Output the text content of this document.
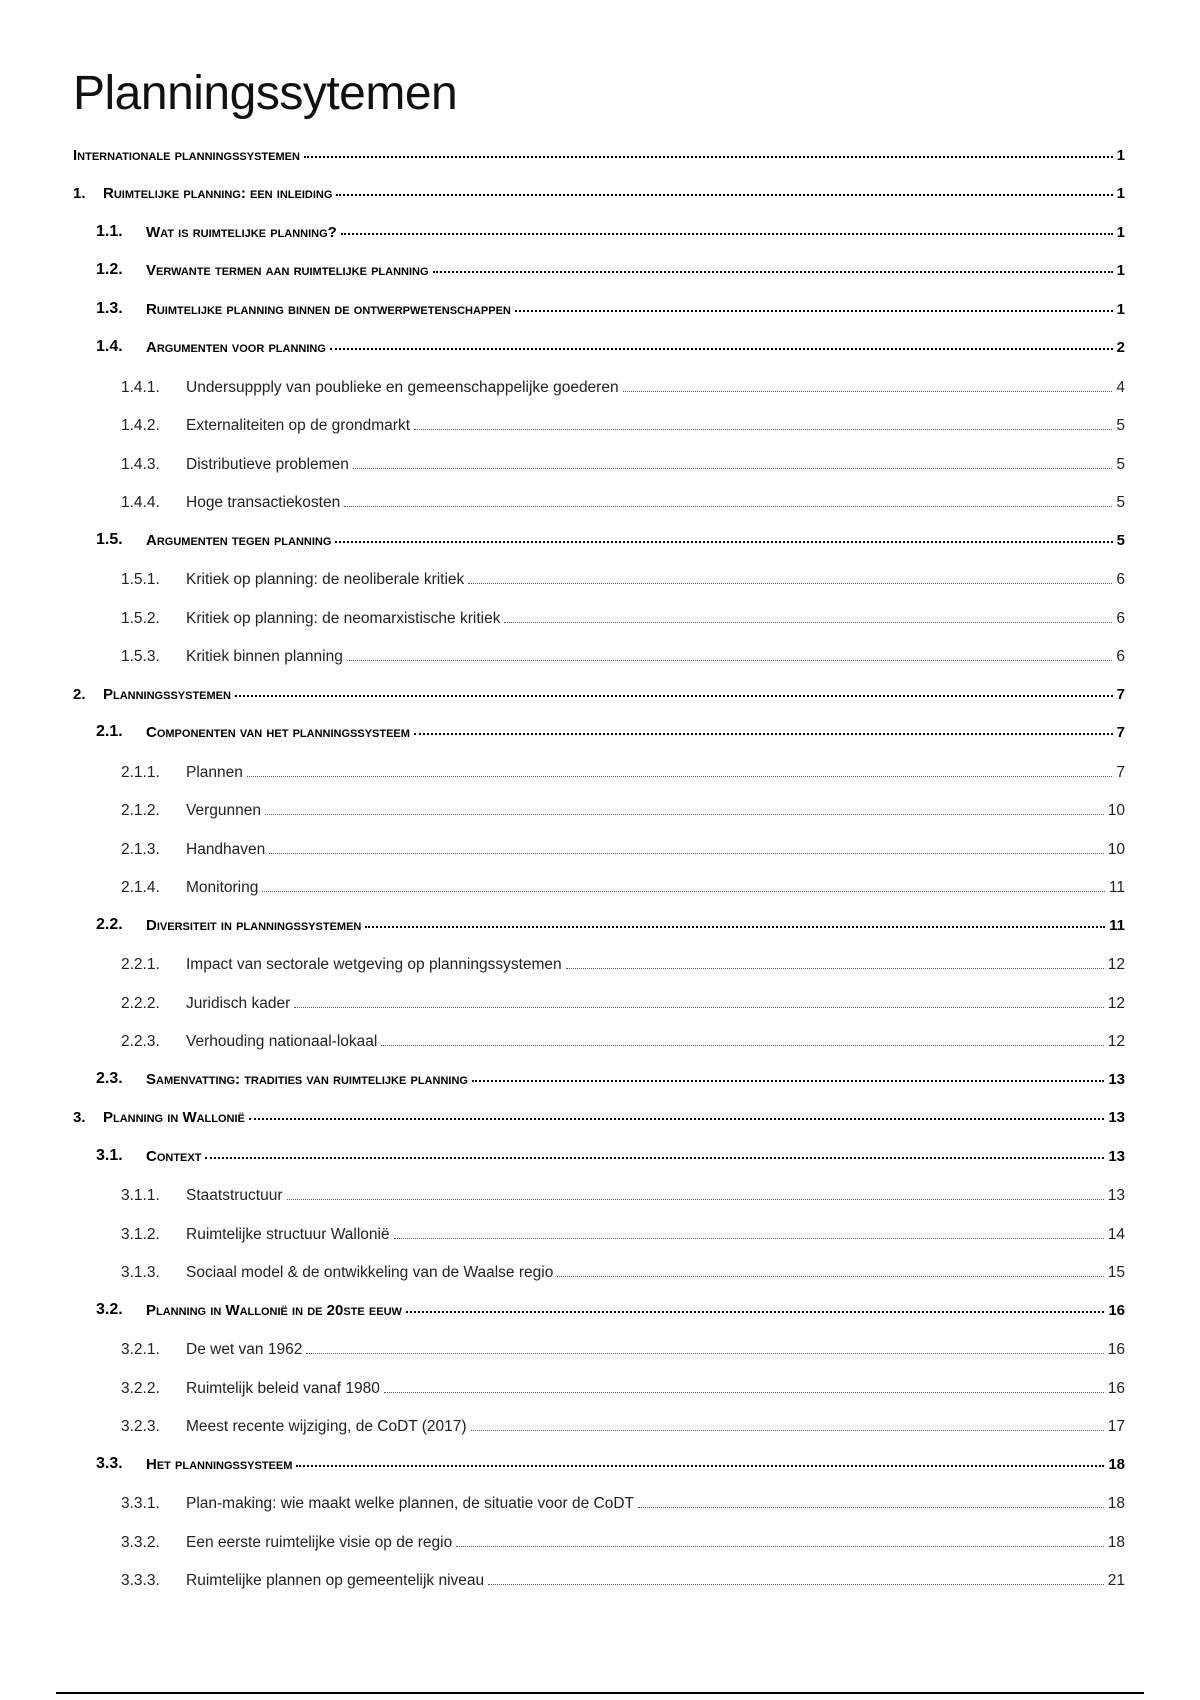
Planningssytemen
Internationale planningssystemen	1
1.	Ruimtelijke planning: een inleiding	1
1.1.	Wat is ruimtelijke planning?	1
1.2.	Verwante termen aan ruimtelijke planning	1
1.3.	Ruimtelijke planning binnen de ontwerpwetenschappen	1
1.4.	Argumenten voor planning	2
1.4.1.	Undersuppply van poublieke en gemeenschappelijke goederen	4
1.4.2.	Externaliteiten op de grondmarkt	5
1.4.3.	Distributieve problemen	5
1.4.4.	Hoge transactiekosten	5
1.5.	Argumenten tegen planning	5
1.5.1.	Kritiek op planning: de neoliberale kritiek	6
1.5.2.	Kritiek op planning: de neomarxistische kritiek	6
1.5.3.	Kritiek binnen planning	6
2.	Planningssystemen	7
2.1.	Componenten van het planningssysteem	7
2.1.1.	Plannen	7
2.1.2.	Vergunnen	10
2.1.3.	Handhaven	10
2.1.4.	Monitoring	11
2.2.	Diversiteit in planningssystemen	11
2.2.1.	Impact van sectorale wetgeving op planningssystemen	12
2.2.2.	Juridisch kader	12
2.2.3.	Verhouding nationaal-lokaal	12
2.3.	Samenvatting: tradities van ruimtelijke planning	13
3.	Planning in Wallonië	13
3.1.	Context	13
3.1.1.	Staatstructuur	13
3.1.2.	Ruimtelijke structuur Wallonië	14
3.1.3.	Sociaal model & de ontwikkeling van de Waalse regio	15
3.2.	Planning in Wallonië in de 20ste eeuw	16
3.2.1.	De wet van 1962	16
3.2.2.	Ruimtelijk beleid vanaf 1980	16
3.2.3.	Meest recente wijziging, de CoDT (2017)	17
3.3.	Het planningssysteem	18
3.3.1.	Plan-making: wie maakt welke plannen, de situatie voor de CoDT	18
3.3.2.	Een eerste ruimtelijke visie op de regio	18
3.3.3.	Ruimtelijke plannen op gemeentelijk niveau	21
